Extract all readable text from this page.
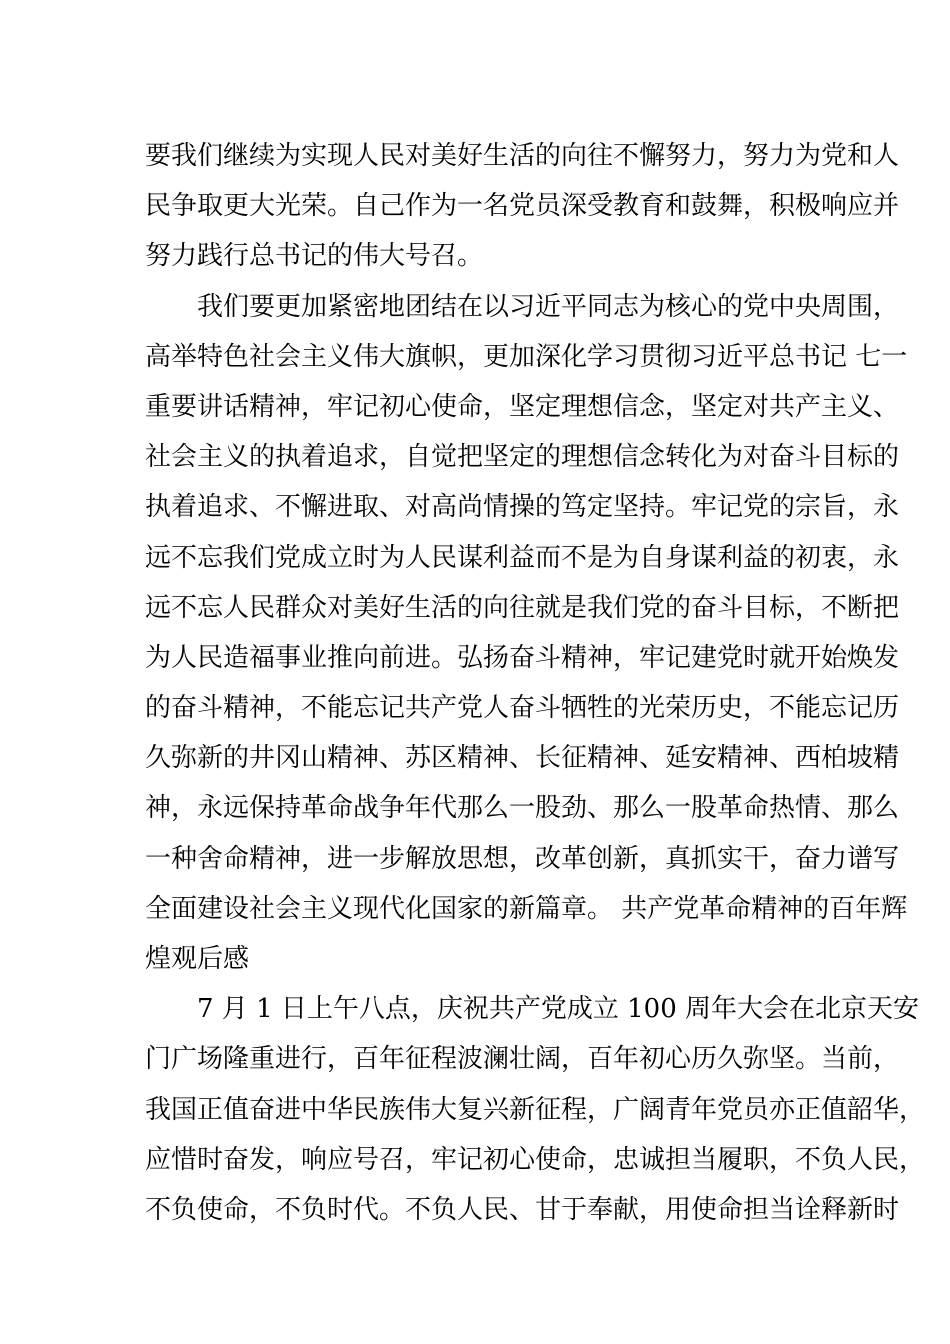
要我们继续为实现人民对美好生活的向往不懈努力，努力为党和人
民争取更大光荣。自己作为一名党员深受教育和鼓舞，积极响应并
努力践行总书记的伟大号召。
我们要更加紧密地团结在以习近平同志为核心的党中央周围，
高举特色社会主义伟大旗帜，更加深化学习贯彻习近平总书记 七一
重要讲话精神，牢记初心使命，坚定理想信念，坚定对共产主义、
社会主义的执着追求，自觉把坚定的理想信念转化为对奋斗目标的
执着追求、不懈进取、对高尚情操的笃定坚持。牢记党的宗旨，永
远不忘我们党成立时为人民谋利益而不是为自身谋利益的初衷，永
远不忘人民群众对美好生活的向往就是我们党的奋斗目标，不断把
为人民造福事业推向前进。弘扬奋斗精神，牢记建党时就开始焕发
的奋斗精神，不能忘记共产党人奋斗牺牲的光荣历史，不能忘记历
久弥新的井冈山精神、苏区精神、长征精神、延安精神、西柏坡精
神，永远保持革命战争年代那么一股劲、那么一股革命热情、那么
一种舍命精神，进一步解放思想，改革创新，真抓实干，奋力谱写
全面建设社会主义现代化国家的新篇章。 共产党革命精神的百年辉
煌观后感
7 月 1 日上午八点，庆祝共产党成立 100 周年大会在北京天安
门广场隆重进行，百年征程波澜壮阔，百年初心历久弥坚。当前，
我国正值奋进中华民族伟大复兴新征程，广阔青年党员亦正值韶华，
应惜时奋发，响应号召，牢记初心使命，忠诚担当履职，不负人民，
不负使命，不负时代。不负人民、甘于奉献，用使命担当诠释新时
